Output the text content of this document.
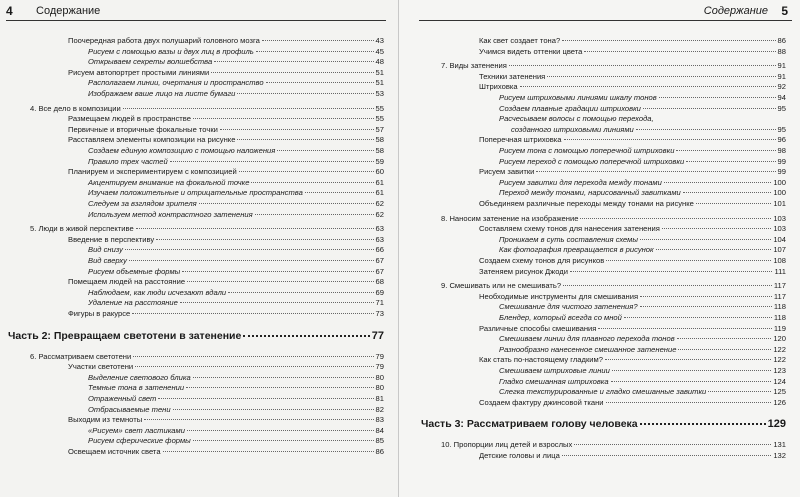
4 Содержание
Поочередная работа двух полушарий головного мозга	43
Рисуем с помощью вазы и двух лиц в профиль	45
Открываем секреты волшебства	48
Рисуем автопортрет простыми линиями	51
Располагаем линии, очертания и пространство	51
Изображаем ваше лицо на листе бумаги	53
4. Все дело в композиции	55
Размещаем людей в пространстве	55
Первичные и вторичные фокальные точки	57
Расставляем элементы композиции на рисунке	58
Создаем единую композицию с помощью наложения	58
Правило трех частей	59
Планируем и экспериментируем с композицией	60
Акцентируем внимание на фокальной точке	61
Изучаем положительные и отрицательные пространства	61
Следуем за взглядом зрителя	62
Используем метод контрастного затенения	62
5. Люди в живой перспективе	63
Введение в перспективу	63
Вид снизу	66
Вид сверху	67
Рисуем объемные формы	67
Помещаем людей на расстояние	68
Наблюдаем, как люди исчезают вдали	69
Удаление на расстояние	71
Фигуры в ракурсе	73
Часть 2: Превращаем светотени в затенение	77
6. Рассматриваем светотени	79
Участки светотени	79
Выделение светового блика	80
Темные тона в затенении	80
Отраженный свет	81
Отбрасываемые тени	82
Выходим из темноты	83
«Рисуем» свет ластиками	84
Рисуем сферические формы	85
Освещаем источник света	86
Содержание 5
Как свет создает тона?	86
Учимся видеть оттенки цвета	88
7. Виды затенения	91
Техники затенения	91
Штриховка	92
Рисуем штриховыми линиями шкалу тонов	94
Создаем плавные градации штриховки	95
Расчесываем волосы с помощью перехода,
созданного штриховыми линиями	95
Поперечная штриховка	96
Рисуем тона с помощью поперечной штриховки	98
Рисуем переход с помощью поперечной штриховки	99
Рисуем завитки	99
Рисуем завитки для перехода между тонами	100
Переход между тонами, нарисованный завитками	100
Объединяем различные переходы между тонами на рисунке	101
8. Наносим затенение на изображение	103
Составляем схему тонов для нанесения затенения	103
Проникаем в суть составления схемы	104
Как фотография превращается в рисунок	107
Создаем схему тонов для рисунков	108
Затеняем рисунок Джоди	111
9. Смешивать или не смешивать?	117
Необходимые инструменты для смешивания	117
Смешивание для чистого затенения?	118
Блендер, который всегда со мной	118
Различные способы смешивания	119
Смешиваем линии для плавного перехода тонов	120
Разнообразно нанесенное смешанное затенение	122
Как стать по-настоящему гладким?	122
Смешиваем штриховые линии	123
Гладко смешанная штриховка	124
Слегка текстурированные и гладко смешанные завитки	125
Создаем фактуру джинсовой ткани	126
Часть 3: Рассматриваем голову человека	129
10. Пропорции лиц детей и взрослых	131
Детские головы и лица	132
